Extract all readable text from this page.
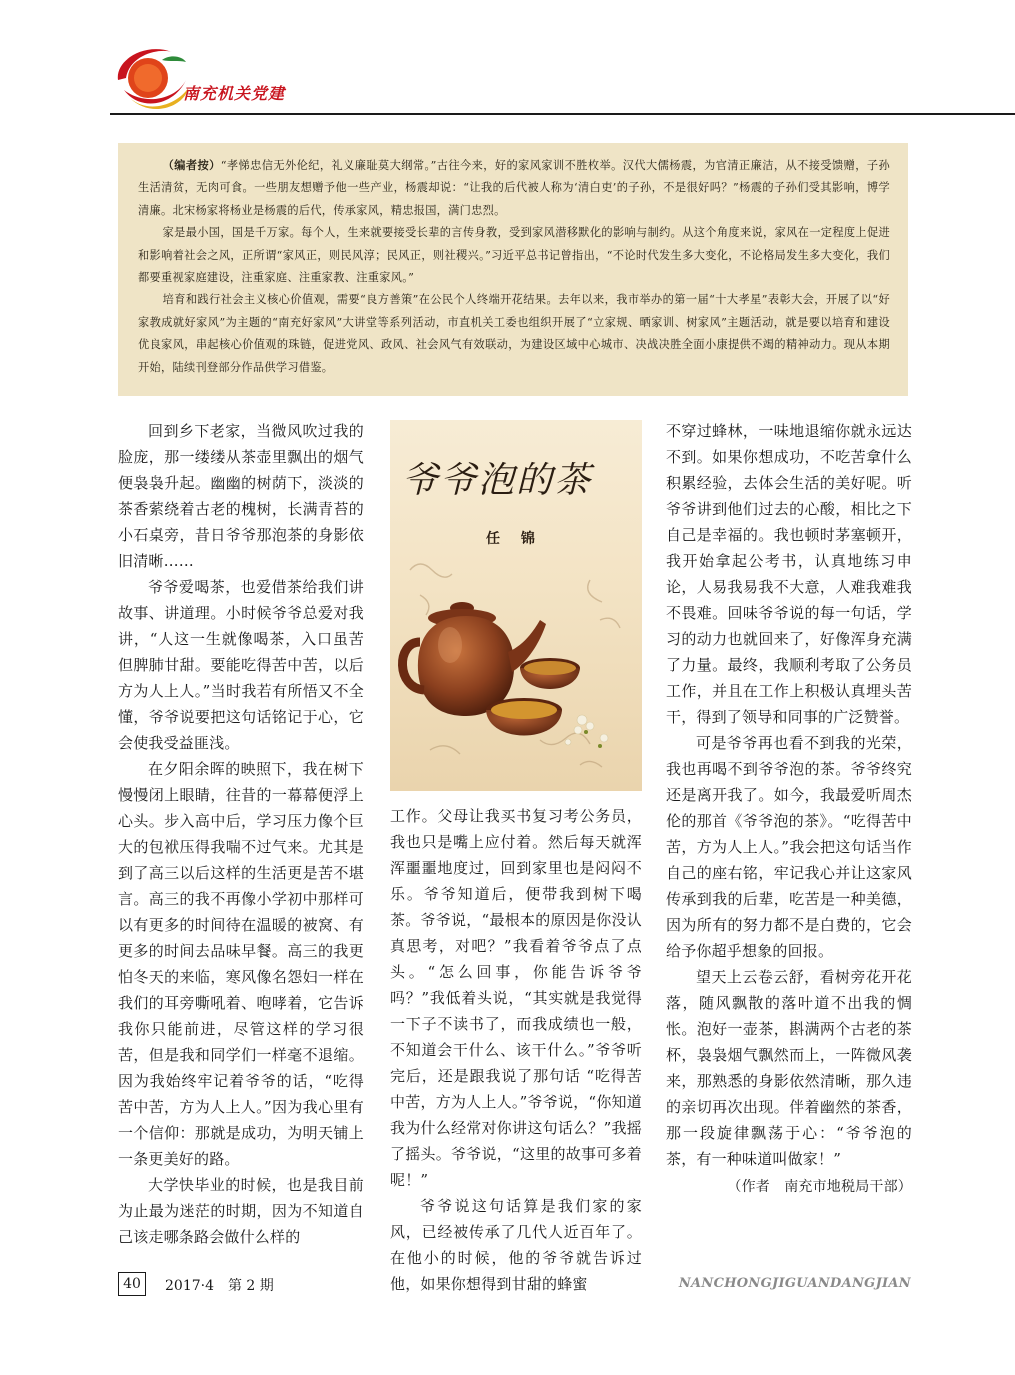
南充机关党建

（编者按）“孝悌忠信无外伦纪，礼义廉耻莫大纲常。”古往今来，好的家风家训不胜枚举。汉代大儒杨震，为官清正廉洁，从不接受馈赠，子孙生活清贫，无肉可食。一些朋友想赠予他一些产业，杨震却说：“让我的后代被人称为‘清白吏’的子孙，不是很好吗？”杨震的子孙们受其影响，博学清廉。北宋杨家将杨业是杨震的后代，传承家风，精忠报国，满门忠烈。

家是最小国，国是千万家。每个人，生来就要接受长辈的言传身教，受到家风潜移默化的影响与制约。从这个角度来说，家风在一定程度上促进和影响着社会之风，正所谓“家风正，则民风淳；民风正，则社稷兴。”习近平总书记曾指出，“不论时代发生多大变化，不论格局发生多大变化，我们都要重视家庭建设，注重家庭、注重家教、注重家风。”

培育和践行社会主义核心价值观，需要“良方善策”在公民个人终端开花结果。去年以来，我市举办的第一届“十大孝星”表彰大会，开展了以“好家教成就好家风”为主题的“南充好家风”大讲堂等系列活动，市直机关工委也组织开展了“立家规、晒家训、树家风”主题活动，就是要以培育和建设优良家风，串起核心价值观的珠链，促进党风、政风、社会风气有效联动，为建设区域中心城市、决战决胜全面小康提供不竭的精神动力。现从本期开始，陆续刊登部分作品供学习借鉴。

回到乡下老家，当微风吹过我的脸庞，那一缕缕从茶壶里飘出的烟气便袅袅升起。幽幽的树荫下，淡淡的茶香萦绕着古老的槐树，长满青苔的小石桌旁，昔日爷爷那泡茶的身影依旧清晰……

爷爷爱喝茶，也爱借茶给我们讲故事、讲道理。小时候爷爷总爱对我讲，“人这一生就像喝茶，入口虽苦但脾肺甘甜。要能吃得苦中苦，以后方为人上人。”当时我若有所悟又不全懂，爷爷说要把这句话铭记于心，它会使我受益匪浅。

在夕阳余晖的映照下，我在树下慢慢闭上眼睛，往昔的一幕幕便浮上心头。步入高中后，学习压力像个巨大的包袱压得我喘不过气来。尤其是到了高三以后这样的生活更是苦不堪言。高三的我不再像小学初中那样可以有更多的时间待在温暖的被窝、有更多的时间去品味早餐。高三的我更怕冬天的来临，寒风像名怨妇一样在我们的耳旁嘶吼着、咆哮着，它告诉我你只能前进，尽管这样的学习很苦，但是我和同学们一样毫不退缩。因为我始终牢记着爷爷的话，“吃得苦中苦，方为人上人。”因为我心里有一个信仰：那就是成功，为明天铺上一条更美好的路。

大学快毕业的时候，也是我目前为止最为迷茫的时期，因为不知道自己该走哪条路会做什么样的

爷爷泡的茶
任 锦

工作。父母让我买书复习考公务员，我也只是嘴上应付着。然后每天就浑浑噩噩地度过，回到家里也是闷闷不乐。爷爷知道后，便带我到树下喝茶。爷爷说，“最根本的原因是你没认真思考，对吧？”我看着爷爷点了点头。“怎么回事，你能告诉爷爷吗？”我低着头说，“其实就是我觉得一下子不读书了，而我成绩也一般，不知道会干什么、该干什么。”爷爷听完后，还是跟我说了那句话 “吃得苦中苦，方为人上人。”爷爷说，“你知道我为什么经常对你讲这句话么？”我摇了摇头。爷爷说，“这里的故事可多着呢！”

爷爷说这句话算是我们家的家风，已经被传承了几代人近百年了。在他小的时候，他的爷爷就告诉过他，如果你想得到甘甜的蜂蜜

不穿过蜂林，一味地退缩你就永远达不到。如果你想成功，不吃苦拿什么积累经验，去体会生活的美好呢。听爷爷讲到他们过去的心酸，相比之下自己是幸福的。我也顿时茅塞顿开，我开始拿起公考书，认真地练习申论，人易我易我不大意，人难我难我不畏难。回味爷爷说的每一句话，学习的动力也就回来了，好像浑身充满了力量。最终，我顺利考取了公务员工作，并且在工作上积极认真埋头苦干，得到了领导和同事的广泛赞誉。

可是爷爷再也看不到我的光荣，我也再喝不到爷爷泡的茶。爷爷终究还是离开我了。如今，我最爱听周杰伦的那首《爷爷泡的茶》。“吃得苦中苦，方为人上人。”我会把这句话当作自己的座右铭，牢记我心并让这家风传承到我的后辈，吃苦是一种美德，因为所有的努力都不是白费的，它会给予你超乎想象的回报。

望天上云卷云舒，看树旁花开花落，随风飘散的落叶道不出我的惆怅。泡好一壶茶，斟满两个古老的茶杯，袅袅烟气飘然而上，一阵微风袭来，那熟悉的身影依然清晰，那久违的亲切再次出现。伴着幽然的茶香，那一段旋律飘荡于心：“爷爷泡的茶，有一种味道叫做家！”

（作者　南充市地税局干部）

40	2017·4　第 2 期	NANCHONGJIGUANDANGJIAN
